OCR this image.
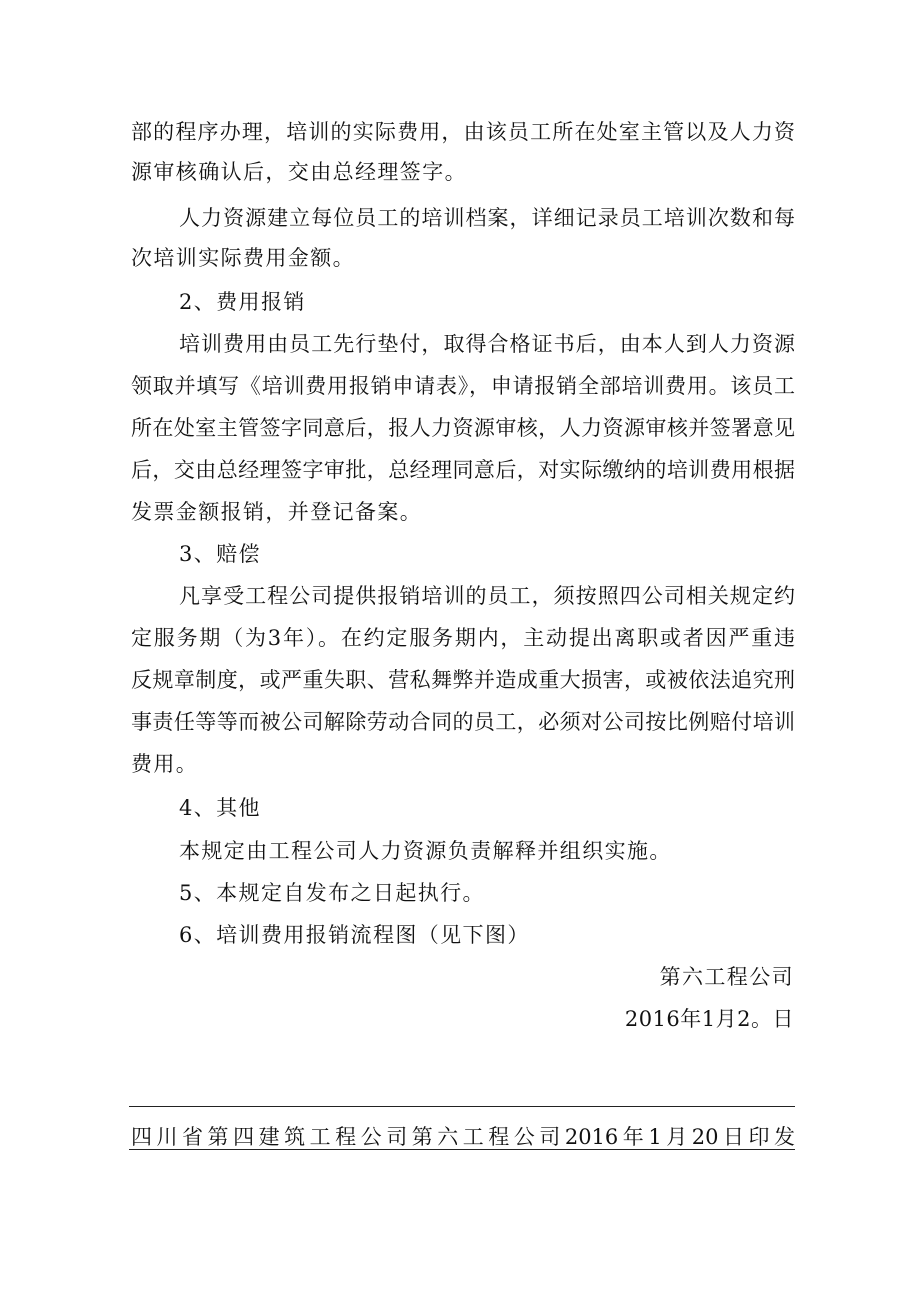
部的程序办理，培训的实际费用，由该员工所在处室主管以及人力资
源审核确认后，交由总经理签字。
人力资源建立每位员工的培训档案，详细记录员工培训次数和每
次培训实际费用金额。
2、费用报销
培训费用由员工先行垫付，取得合格证书后，由本人到人力资源
领取并填写《培训费用报销申请表》，申请报销全部培训费用。该员工
所在处室主管签字同意后，报人力资源审核，人力资源审核并签署意见
后，交由总经理签字审批，总经理同意后，对实际缴纳的培训费用根据
发票金额报销，并登记备案。
3、赔偿
凡享受工程公司提供报销培训的员工，须按照四公司相关规定约
定服务期（为3年）。在约定服务期内，主动提出离职或者因严重违
反规章制度，或严重失职、营私舞弊并造成重大损害，或被依法追究刑
事责任等等而被公司解除劳动合同的员工，必须对公司按比例赔付培训
费用。
4、其他
本规定由工程公司人力资源负责解释并组织实施。
5、本规定自发布之日起执行。
6、培训费用报销流程图（见下图）
第六工程公司
2016年1月2。日
四川省第四建筑工程公司第六工程公司2016年1月20日印发
